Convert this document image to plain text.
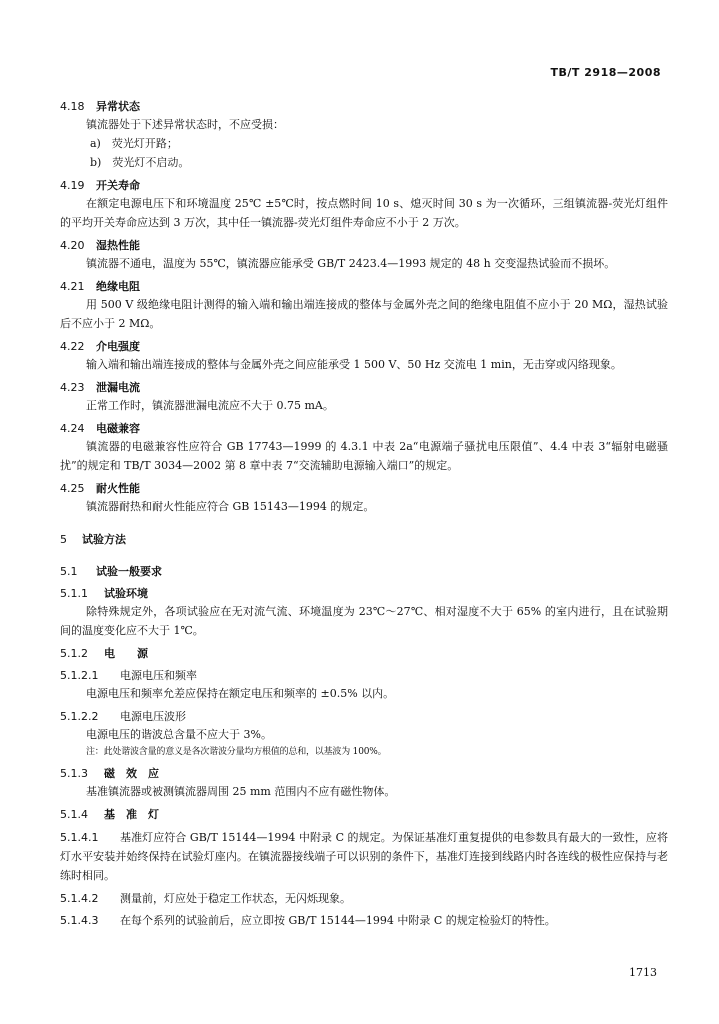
TB/T 2918—2008
4.18 异常状态
镇流器处于下述异常状态时，不应受损：
a)　荧光灯开路；
b)　荧光灯不启动。
4.19 开关寿命
在额定电源电压下和环境温度 25℃ ±5℃时，按点燃时间 10 s、熄灭时间 30 s 为一次循环，三组镇流器-荧光灯组件的平均开关寿命应达到 3 万次，其中任一镇流器-荧光灯组件寿命应不小于 2 万次。
4.20 湿热性能
镇流器不通电，温度为 55℃，镇流器应能承受 GB/T 2423.4—1993 规定的 48 h 交变湿热试验而不损坏。
4.21 绝缘电阻
用 500 V 级绝缘电阻计测得的输入端和输出端连接成的整体与金属外壳之间的绝缘电阻值不应小于 20 MΩ，湿热试验后不应小于 2 MΩ。
4.22 介电强度
输入端和输出端连接成的整体与金属外壳之间应能承受 1 500 V、50 Hz 交流电 1 min，无击穿或闪络现象。
4.23 泄漏电流
正常工作时，镇流器泄漏电流应不大于 0.75 mA。
4.24 电磁兼容
镇流器的电磁兼容性应符合 GB 17743—1999 的 4.3.1 中表 2a“电源端子骚扰电压限值”、4.4 中表 3“辐射电磁骚扰”的规定和 TB/T 3034—2002 第 8 章中表 7“交流辅助电源输入端口”的规定。
4.25 耐火性能
镇流器耐热和耐火性能应符合 GB 15143—1994 的规定。
5 试验方法
5.1 试验一般要求
5.1.1 试验环境
除特殊规定外，各项试验应在无对流气流、环境温度为 23℃～27℃、相对湿度不大于 65% 的室内进行，且在试验期间的温度变化应不大于 1℃。
5.1.2 电　　源
5.1.2.1 电源电压和频率
电源电压和频率允差应保持在额定电压和频率的 ±0.5% 以内。
5.1.2.2 电源电压波形
电源电压的谐波总含量不应大于 3%。
注：此处谐波含量的意义是各次谐波分量均方根值的总和，以基波为 100%。
5.1.3 磁　效　应
基准镇流器或被测镇流器周围 25 mm 范围内不应有磁性物体。
5.1.4 基　准　灯
5.1.4.1 基准灯应符合 GB/T 15144—1994 中附录 C 的规定。为保证基准灯重复提供的电参数具有最大的一致性，应将灯水平安装并始终保持在试验灯座内。在镇流器接线端子可以识别的条件下，基准灯连接到线路内时各连线的极性应保持与老练时相同。
5.1.4.2 测量前，灯应处于稳定工作状态，无闪烁现象。
5.1.4.3 在每个系列的试验前后，应立即按 GB/T 15144—1994 中附录 C 的规定检验灯的特性。
1713
